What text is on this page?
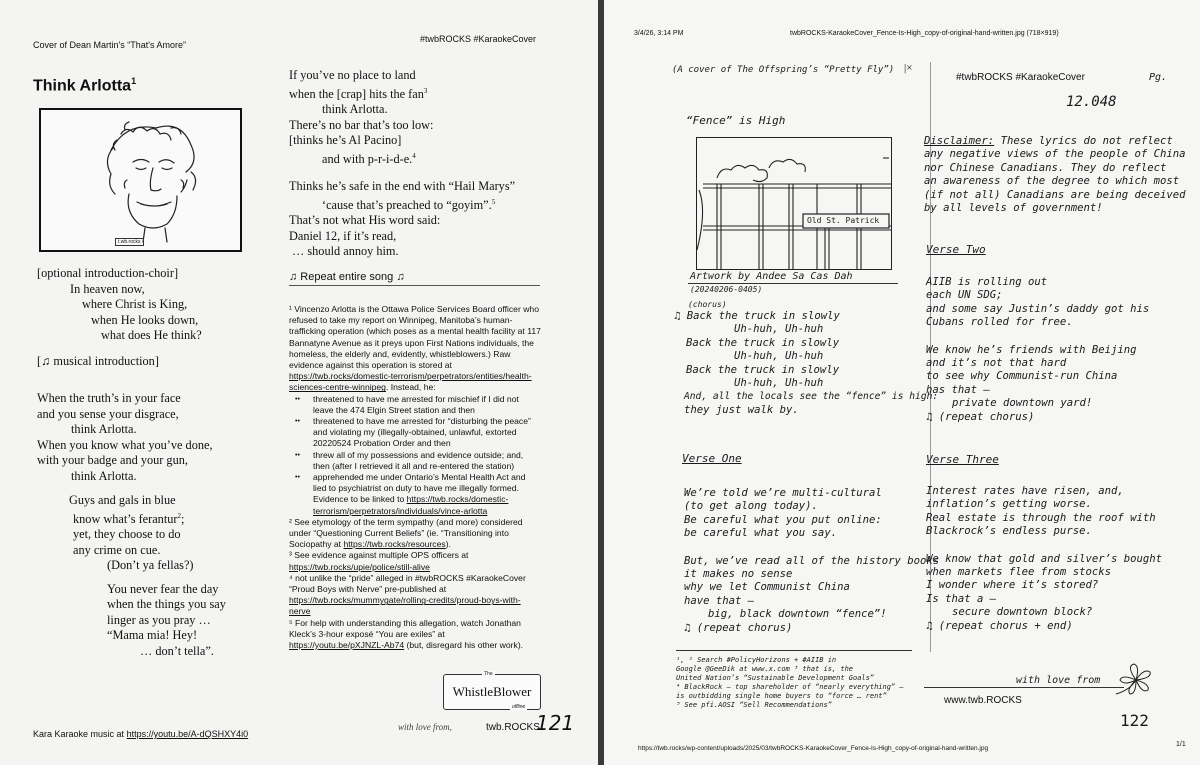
Cover of Dean Martin's “That's Amore”
#twbROCKS #KaraokeCover
Think Arlotta$^1$
t.wb.rocks
[optional introduction-choir]
In heaven now,
where Christ is King,
when He looks down,
what does He think?
[♫ musical introduction]
When the truth’s in your face
and you sense your disgrace,
think Arlotta.
When you know what you’ve done,
with your badge and your gun,
think Arlotta.
Guys and gals in blue
know what’s ferantur$^2$;
yet, they choose to do
any crime on cue.
(Don’t ya fellas?)
You never fear the day
when the things you say
linger as you pray …
“Mama mia! Hey!
… don’t tella”.
If you’ve no place to land
when the [crap] hits the fan$^3$
think Arlotta.
There’s no bar that’s too low:
[thinks he’s Al Pacino]
and with p-r-i-d-e.$^4$
Thinks he’s safe in the end with “Hail Marys”
‘cause that’s preached to “goyim”.$^5$
That’s not what His word said:
Daniel 12, if it’s read,
… should annoy him.
♫ Repeat entire song ♫
¹ Vincenzo Arlotta is the Ottawa Police Services Board officer who refused to take my report on Winnipeg, Manitoba’s human-trafficking operation (which poses as a mental health facility at 117 Bannatyne Avenue as it preys upon First Nations individuals, the homeless, the elderly and, evidently, whistleblowers.) Raw evidence against this operation is stored at https://twb.rocks/domestic-terrorism/perpetrators/entities/health-sciences-centre-winnipeg. Instead, he:
•• threatened to have me arrested for mischief if I did not leave the 474 Elgin Street station and then
•• threatened to have me arrested for “disturbing the peace” and violating my (illegally-obtained, unlawful, extorted 20220524 Probation Order and then
•• threw all of my possessions and evidence outside; and, then (after I retrieved it all and re-entered the station)
•• apprehended me under Ontario’s Mental Health Act and lied to psychiatrist on duty to have me illegally formed. Evidence to be linked to https://twb.rocks/domestic-terrorism/perpetrators/individuals/vince-arlotta
² See etymology of the term sympathy (and more) considered under “Questioning Current Beliefs” (ie. “Transitioning into Sociopathy at https://twb.rocks/resources).
³ See evidence against multiple OPS officers at https://twb.rocks/upie/police/still-alive
⁴ not unlike the “pride” alleged in #twbROCKS #KaraokeCover “Proud Boys with Nerve” pre-published at https://twb.rocks/mummygate/rolling-credits/proud-boys-with-nerve
⁵ For help with understanding this allegation, watch Jonathan Kleck’s 3-hour exposé “You are exiles” at https://youtu.be/pXJNZL-Ab74 (but, disregard his other work).
The
WhistleBlower
offline
with love from,	twb.ROCKS
121
Kara Karaoke music at https://youtu.be/A-dQSHXY4i0
3/4/26, 3:14 PM	twbROCKS-KaraokeCover_Fence-Is-High_copy-of-original-hand-written.jpg (718×919)
(A cover of The Offspring’s “Pretty Fly”) |×
#twbROCKS #KaraokeCover	Pg.
12.048
“Fence” is High
Old St. Patrick
Artwork by Andee Sa Cas Dah
(20240206-0405)
(chorus)
♫ Back the truck in slowly
Uh-huh, Uh-huh
Back the truck in slowly
Uh-huh, Uh-huh
Back the truck in slowly
Uh-huh, Uh-huh
And, all the locals see the “fence” is high:
they just walk by.
Verse One
We’re told we’re multi-cultural
(to get along today).
Be careful what you put online:
be careful what you say.
But, we’ve read all of the history books
it makes no sense
why we let Communist China
have that —
big, black downtown “fence”!
♫ (repeat chorus)
¹, ² Search #PolicyHorizons + #AIIB in
Google @GeeDik at www.x.com ³ that is, the
United Nation’s “Sustainable Development Goals”
⁴ BlackRock — top shareholder of “nearly everything” —
is outbidding single home buyers to “force … rent”
⁵ See pfi.AOSI “Sell Recommendations”
Disclaimer: These lyrics do not reflect
any negative views of the people of China
nor Chinese Canadians. They do reflect
an awareness of the degree to which most
(if not all) Canadians are being deceived
by all levels of government!
Verse Two
AIIB is rolling out
each UN SDG;
and some say Justin’s daddy got his
Cubans rolled for free.
We know he’s friends with Beijing
and it’s not that hard
to see why Communist-run China
has that —
private downtown yard!
♫ (repeat chorus)
Verse Three
Interest rates have risen, and,
inflation’s getting worse.
Real estate is through the roof with
Blackrock’s endless purse.
We know that gold and silver’s bought
when markets flee from stocks
I wonder where it’s stored?
Is that a —
secure downtown block?
♫ (repeat chorus + end)
with love from
www.twb.ROCKS
122
https://twb.rocks/wp-content/uploads/2025/03/twbROCKS-KaraokeCover_Fence-Is-High_copy-of-original-hand-written.jpg
1/1
